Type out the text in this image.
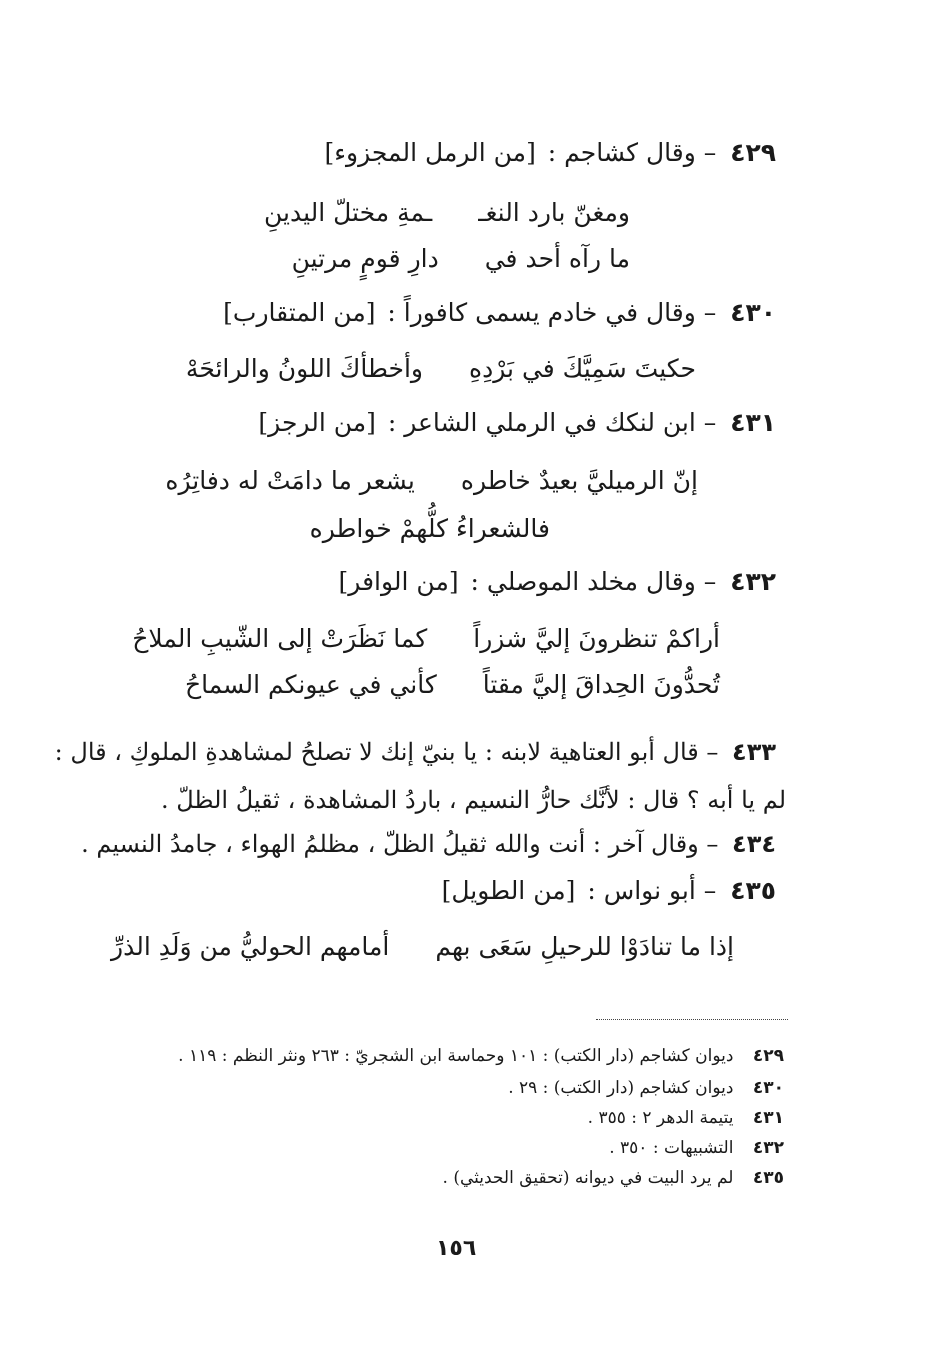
٤٢٩ – وقال كشاجم : [من الرمل المجزوء]
ومغنّ بارد النغـ
ـمةِ مختلّ اليدينِ
ما رآه أحد في
دارِ قومٍ مرتينِ
٤٣٠ – وقال في خادم يسمى كافوراً : [من المتقارب]
حكيتَ سَمِيَّكَ في بَرْدِهِ
وأخطأكَ اللونُ والرائحَهْ
٤٣١ – ابن لنكك في الرملي الشاعر : [من الرجز]
إنّ الرميليَّ بعيدٌ خاطره
يشعر ما دامَتْ له دفاتِرُه
فالشعراءُ كلُّهمْ خواطره
٤٣٢ – وقال مخلد الموصلي : [من الوافر]
أراكمْ تنظرونَ إليَّ شزراً
كما نَظَرَتْ إلى الشّيبِ الملاحُ
تُحدُّونَ الحِداقَ إليَّ مقتاً
كأني في عيونكم السماحُ
٤٣٣ – قال أبو العتاهية لابنه : يا بنيّ إنك لا تصلحُ لمشاهدةِ الملوكِ ، قال :
لم يا أبه ؟ قال : لأنَّك حارُّ النسيم ، باردُ المشاهدة ، ثقيلُ الظلّ .
٤٣٤ – وقال آخر : أنت والله ثقيلُ الظلّ ، مظلمُ الهواء ، جامدُ النسيم .
٤٣٥ – أبو نواس : [من الطويل]
إذا ما تنادَوْا للرحيلِ سَعَى بهم
أمامهم الحوليُّ من وَلَدِ الذرِّ
٤٢٩ ديوان كشاجم (دار الكتب) : ١٠١ وحماسة ابن الشجريّ : ٢٦٣ ونثر النظم : ١١٩ .
٤٣٠ ديوان كشاجم (دار الكتب) : ٢٩ .
٤٣١ يتيمة الدهر ٢ : ٣٥٥ .
٤٣٢ التشبيهات : ٣٥٠ .
٤٣٥ لم يرد البيت في ديوانه (تحقيق الحديثي) .
١٥٦
